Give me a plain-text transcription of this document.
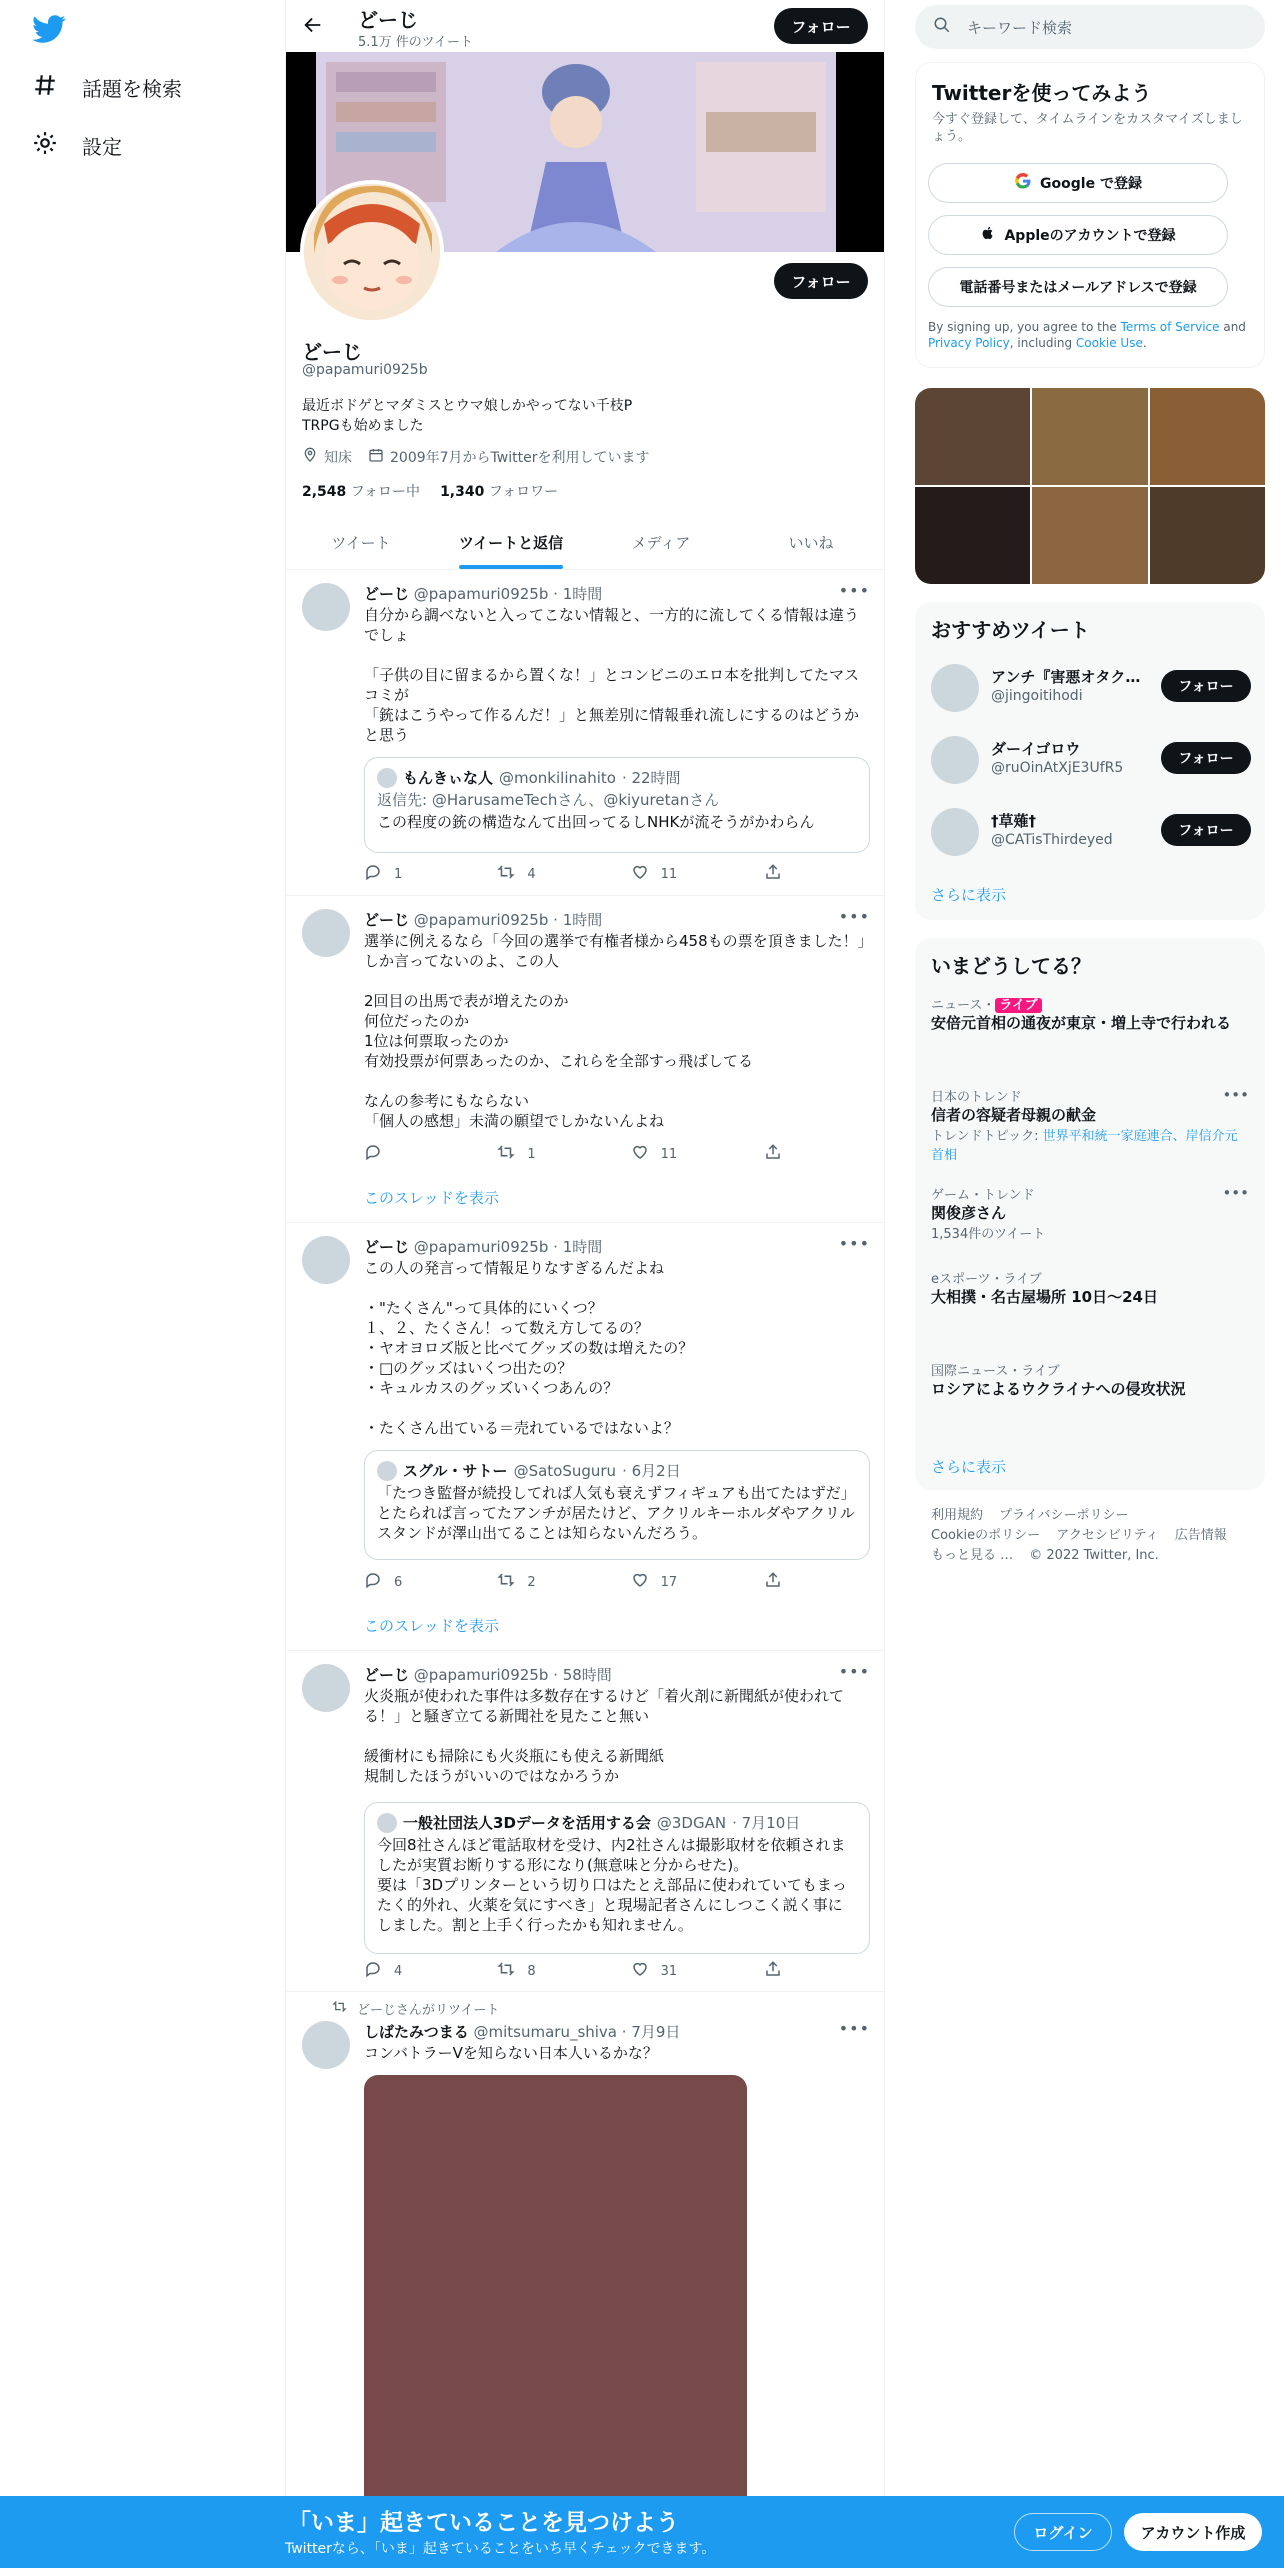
話題を検索
設定
どーじ
5.1万 件のツイート
フォロー
フォロー
どーじ
@papamuri0925b
最近ボドゲとマダミスとウマ娘しかやってない千枝P
TRPGも始めました
知床	2009年7月からTwitterを利用しています
2,548 フォロー中 1,340 フォロワー
ツイート	ツイートと返信	メディア	いいね
どーじ @papamuri0925b · 1時間	•••
自分から調べないと入ってこない情報と、一方的に流してくる情報は違うでしょ

「子供の目に留まるから置くな！」とコンビニのエロ本を批判してたマスコミが
「銃はこうやって作るんだ！」と無差別に情報垂れ流しにするのはどうかと思う
もんきぃな人 @monkilinahito · 22時間
返信先: @HarusameTechさん、@kiyuretanさん
この程度の銃の構造なんて出回ってるしNHKが流そうがかわらん
1	4	11
どーじ @papamuri0925b · 1時間	•••
選挙に例えるなら「今回の選挙で有権者様から458もの票を頂きました！」しか言ってないのよ、この人

2回目の出馬で表が増えたのか
何位だったのか
1位は何票取ったのか
有効投票が何票あったのか、これらを全部すっ飛ばしてる

なんの参考にもならない
「個人の感想」未満の願望でしかないんよね
1	11
このスレッドを表示
どーじ @papamuri0925b · 1時間	•••
この人の発言って情報足りなすぎるんだよね

・"たくさん"って具体的にいくつ？
１、２、たくさん！って数え方してるの？
・ヤオヨロズ版と比べてグッズの数は増えたの？
・□のグッズはいくつ出たの？
・キュルカスのグッズいくつあんの？

・たくさん出ている＝売れているではないよ？
スグル・サトー @SatoSuguru · 6月2日
「たつき監督が続投してれば人気も衰えずフィギュアも出てたはずだ」とたられば言ってたアンチが居たけど、アクリルキーホルダやアクリルスタンドが澤山出てることは知らないんだろう。
6	2	17
このスレッドを表示
どーじ @papamuri0925b · 58時間	•••
火炎瓶が使われた事件は多数存在するけど「着火剤に新聞紙が使われてる！」と騒ぎ立てる新聞社を見たこと無い

緩衝材にも掃除にも火炎瓶にも使える新聞紙
規制したほうがいいのではなかろうか
一般社団法人3Dデータを活用する会 @3DGAN · 7月10日
今回8社さんほど電話取材を受け、内2社さんは撮影取材を依頼されましたが実質お断りする形になり(無意味と分からせた)。
要は「3Dプリンターという切り口はたとえ部品に使われていてもまったく的外れ、火薬を気にすべき」と現場記者さんにしつこく説く事にしました。割と上手く行ったかも知れません。
4	8	31
どーじさんがリツイート
しばたみつまる @mitsumaru_shiva · 7月9日	•••
コンバトラーVを知らない日本人いるかな？
キーワード検索
Twitterを使ってみよう
今すぐ登録して、タイムラインをカスタマイズしましょう。
Google で登録
Appleのアカウントで登録
電話番号またはメールアドレスで登録
By signing up, you agree to the Terms of Service and Privacy Policy, including Cookie Use.
おすすめツイート
アンチ『害悪オタク…
@jingoitihodi
フォロー
ダーイゴロウ
@ruOinAtXjE3UfR5
フォロー
†草薙†
@CATisThirdeyed
フォロー
さらに表示
いまどうしてる？
ニュース・ ライブ
安倍元首相の通夜が東京・増上寺で行われる
日本のトレンド
信者の容疑者母親の献金
トレンドトピック: 世界平和統一家庭連合、岸信介元首相
•••
ゲーム・トレンド
関俊彦さん
1,534件のツイート
•••
eスポーツ・ライブ
大相撲・名古屋場所 10日〜24日
国際ニュース・ライブ
ロシアによるウクライナへの侵攻状況
さらに表示
利用規約 プライバシーポリシー
Cookieのポリシー アクセシビリティ 広告情報
もっと見る … © 2022 Twitter, Inc.
「いま」起きていることを見つけよう
Twitterなら、「いま」起きていることをいち早くチェックできます。
ログイン	アカウント作成
